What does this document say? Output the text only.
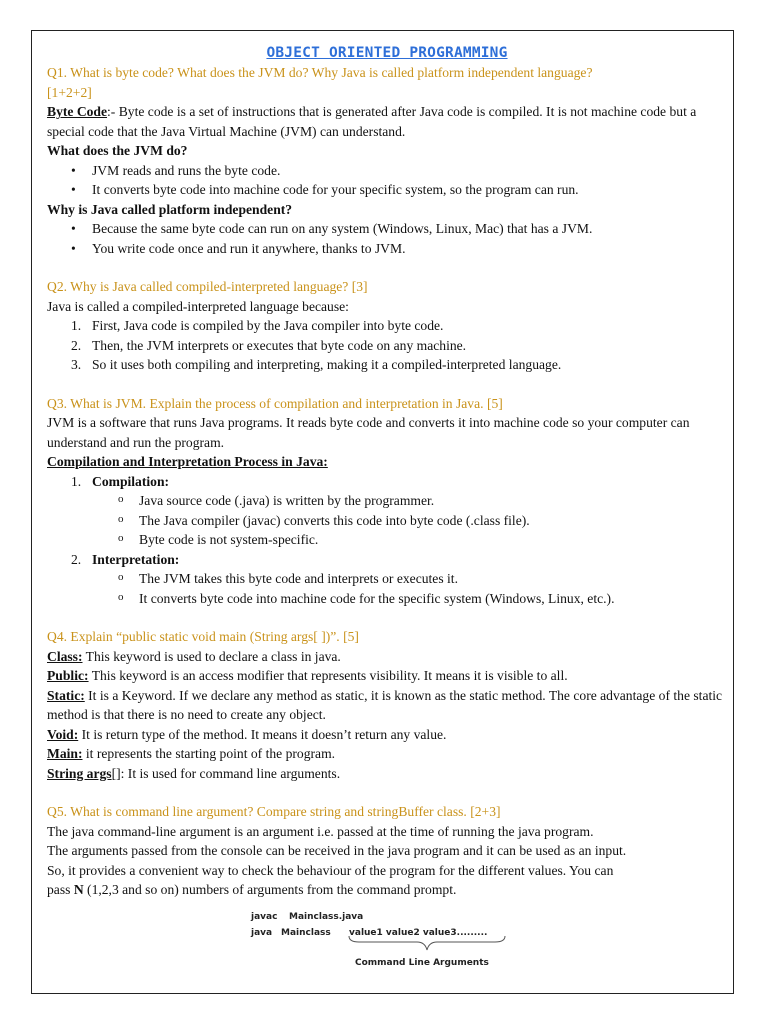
OBJECT ORIENTED PROGRAMMING
Q1. What is byte code? What does the JVM do? Why Java is called platform independent language?
[1+2+2]
Byte Code:- Byte code is a set of instructions that is generated after Java code is compiled. It is not machine code but a special code that the Java Virtual Machine (JVM) can understand.
What does the JVM do?
• JVM reads and runs the byte code.
• It converts byte code into machine code for your specific system, so the program can run.
Why is Java called platform independent?
• Because the same byte code can run on any system (Windows, Linux, Mac) that has a JVM.
• You write code once and run it anywhere, thanks to JVM.
Q2. Why is Java called compiled-interpreted language? [3]
Java is called a compiled-interpreted language because:
1. First, Java code is compiled by the Java compiler into byte code.
2. Then, the JVM interprets or executes that byte code on any machine.
3. So it uses both compiling and interpreting, making it a compiled-interpreted language.
Q3. What is JVM. Explain the process of compilation and interpretation in Java. [5]
JVM is a software that runs Java programs. It reads byte code and converts it into machine code so your computer can understand and run the program.
Compilation and Interpretation Process in Java:
1. Compilation:
o Java source code (.java) is written by the programmer.
o The Java compiler (javac) converts this code into byte code (.class file).
o Byte code is not system-specific.
2. Interpretation:
o The JVM takes this byte code and interprets or executes it.
o It converts byte code into machine code for the specific system (Windows, Linux, etc.).
Q4. Explain “public static void main (String args[ ])”. [5]
Class: This keyword is used to declare a class in java.
Public: This keyword is an access modifier that represents visibility. It means it is visible to all.
Static: It is a Keyword. If we declare any method as static, it is known as the static method. The core advantage of the static method is that there is no need to create any object.
Void: It is return type of the method. It means it doesn’t return any value.
Main: it represents the starting point of the program.
String args[]: It is used for command line arguments.
Q5. What is command line argument? Compare string and stringBuffer class. [2+3]
The java command-line argument is an argument i.e. passed at the time of running the java program.
The arguments passed from the console can be received in the java program and it can be used as an input.
So, it provides a convenient way to check the behaviour of the program for the different values. You can
pass N (1,2,3 and so on) numbers of arguments from the command prompt.
javac Mainclass.java
java Mainclass value1 value2 value3.........
Command Line Arguments
